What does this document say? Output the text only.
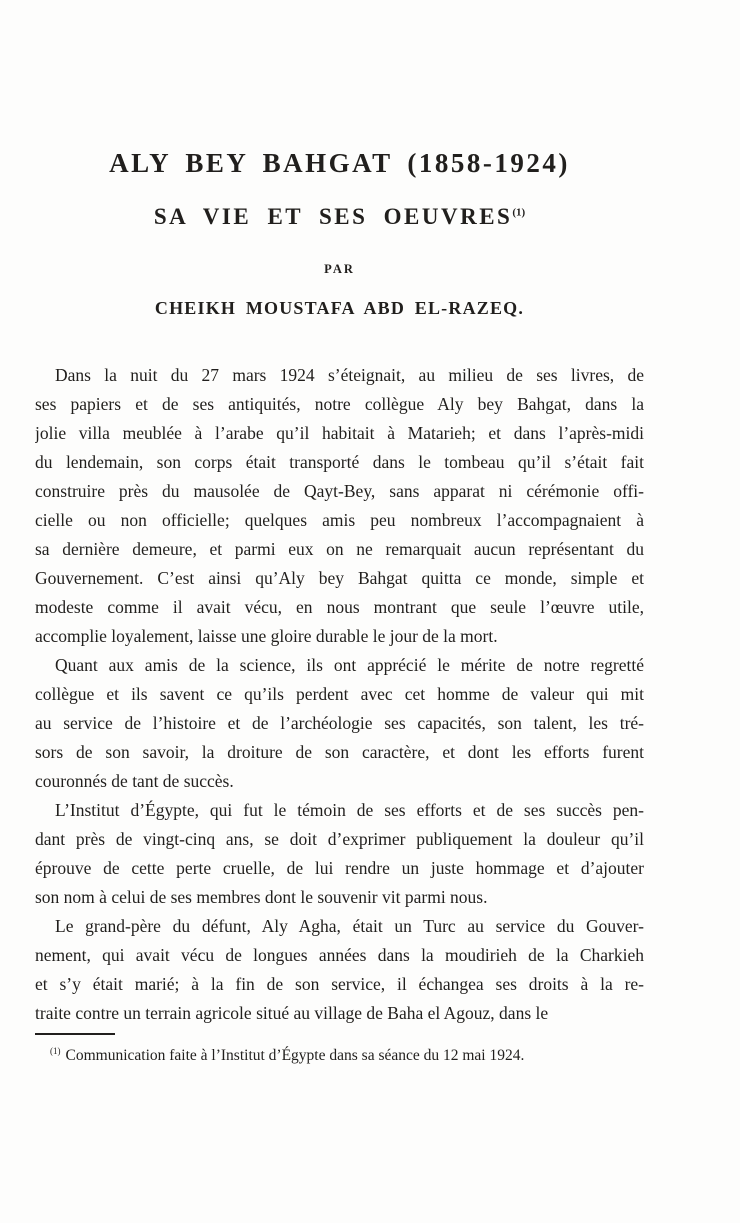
ALY BEY BAHGAT (1858-1924)
SA VIE ET SES OEUVRES$^{(1)}$
PAR
CHEIKH MOUSTAFA ABD EL-RAZEQ.
Dans la nuit du 27 mars 1924 s’éteignait, au milieu de ses livres, de
ses papiers et de ses antiquités, notre collègue Aly bey Bahgat, dans la
jolie villa meublée à l’arabe qu’il habitait à Matarieh; et dans l’après-midi
du lendemain, son corps était transporté dans le tombeau qu’il s’était fait
construire près du mausolée de Qayt-Bey, sans apparat ni cérémonie offi-
cielle ou non officielle; quelques amis peu nombreux l’accompagnaient à
sa dernière demeure, et parmi eux on ne remarquait aucun représentant du
Gouvernement. C’est ainsi qu’Aly bey Bahgat quitta ce monde, simple et
modeste comme il avait vécu, en nous montrant que seule l’œuvre utile,
accomplie loyalement, laisse une gloire durable le jour de la mort.
Quant aux amis de la science, ils ont apprécié le mérite de notre regretté
collègue et ils savent ce qu’ils perdent avec cet homme de valeur qui mit
au service de l’histoire et de l’archéologie ses capacités, son talent, les tré-
sors de son savoir, la droiture de son caractère, et dont les efforts furent
couronnés de tant de succès.
L’Institut d’Égypte, qui fut le témoin de ses efforts et de ses succès pen-
dant près de vingt-cinq ans, se doit d’exprimer publiquement la douleur qu’il
éprouve de cette perte cruelle, de lui rendre un juste hommage et d’ajouter
son nom à celui de ses membres dont le souvenir vit parmi nous.
Le grand-père du défunt, Aly Agha, était un Turc au service du Gouver-
nement, qui avait vécu de longues années dans la moudirieh de la Charkieh
et s’y était marié; à la fin de son service, il échangea ses droits à la re-
traite contre un terrain agricole situé au village de Baha el Agouz, dans le
$^{(1)}$ Communication faite à l’Institut d’Égypte dans sa séance du 12 mai 1924.
